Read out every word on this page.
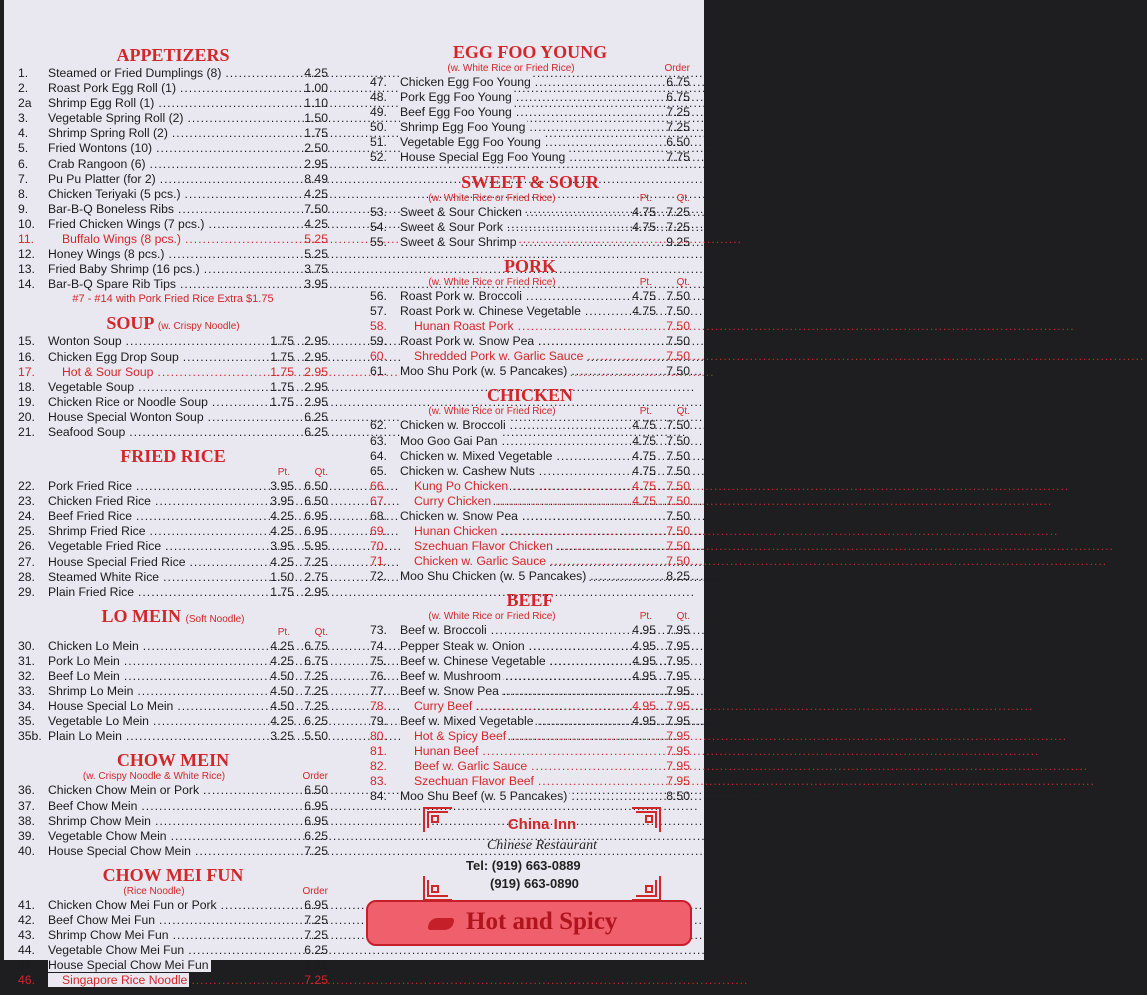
APPETIZERS
1.	Steamed or Fried Dumplings (8) .....	4.25
2.	Roast Pork Egg Roll (1) .....	1.00
2a	Shrimp Egg Roll (1) .....	1.10
3.	Vegetable Spring Roll (2) .....	1.50
4.	Shrimp Spring Roll (2) .....	1.75
5.	Fried Wontons (10) .....	2.50
6.	Crab Rangoon (6) .....	2.95
7.	Pu Pu Platter (for 2) .....	8.49
8.	Chicken Teriyaki (5 pcs.) .....	4.25
9.	Bar-B-Q Boneless Ribs .....	7.50
10.	Fried Chicken Wings (7 pcs.) .....	4.25
11.	Buffalo Wings (8 pcs.) .....	5.25
12.	Honey Wings (8 pcs.) .....	5.25
13.	Fried Baby Shrimp (16 pcs.) .....	3.75
14.	Bar-B-Q Spare Rib Tips .....	3.95
#7 - #14 with Pork Fried Rice Extra $1.75
SOUP (w. Crispy Noodle)
15.	Wonton Soup .....	1.75 2.95
16.	Chicken Egg Drop Soup .....	1.75 2.95
17.	Hot & Sour Soup .....	1.75 2.95
18.	Vegetable Soup .....	1.75 2.95
19.	Chicken Rice or Noodle Soup .....	1.75 2.95
20.	House Special Wonton Soup .....	6.25
21.	Seafood Soup .....	6.25
FRIED RICE
Pt.	Qt.
22.	Pork Fried Rice .....	3.95 6.50
23.	Chicken Fried Rice .....	3.95 6.50
24.	Beef Fried Rice .....	4.25 6.95
25.	Shrimp Fried Rice .....	4.25 6.95
26.	Vegetable Fried Rice .....	3.95 5.95
27.	House Special Fried Rice .....	4.25 7.25
28.	Steamed White Rice .....	1.50 2.75
29.	Plain Fried Rice .....	1.75 2.95
LO MEIN (Soft Noodle)
Pt.	Qt.
30.	Chicken Lo Mein .....	4.25 6.75
31.	Pork Lo Mein .....	4.25 6.75
32.	Beef Lo Mein .....	4.50 7.25
33.	Shrimp Lo Mein .....	4.50 7.25
34.	House Special Lo Mein .....	4.50 7.25
35.	Vegetable Lo Mein .....	4.25 6.25
35b. Plain Lo Mein .....	3.25 5.50
CHOW MEIN
(w. Crispy Noodle & White Rice)	Order
36.	Chicken Chow Mein or Pork .....	6.50
37.	Beef Chow Mein .....	6.95
38.	Shrimp Chow Mein .....	6.95
39.	Vegetable Chow Mein .....	6.25
40.	House Special Chow Mein .....	7.25
CHOW MEI FUN
(Rice Noodle)	Order
41.	Chicken Chow Mei Fun or Pork .....	6.95
42.	Beef Chow Mei Fun .....	7.25
43.	Shrimp Chow Mei Fun .....	7.25
44.	Vegetable Chow Mei Fun .....	6.25
45.	House Special Chow Mei Fun .....	7.25
46.	Singapore Rice Noodle .....	7.25
EGG FOO YOUNG
(w. White Rice or Fried Rice)	Order
47.	Chicken Egg Foo Young .....	6.75
48.	Pork Egg Foo Young .....	6.75
49.	Beef Egg Foo Young .....	7.25
50.	Shrimp Egg Foo Young .....	7.25
51.	Vegetable Egg Foo Young .....	6.50
52.	House Special Egg Foo Young .....	7.75
SWEET & SOUR
(w. White Rice or Fried Rice)	Pt.	Qt.
53.	Sweet & Sour Chicken .....	4.75 7.25
54.	Sweet & Sour Pork .....	4.75 7.25
55.	Sweet & Sour Shrimp .....	9.25
PORK
(w. White Rice or Fried Rice)	Pt.	Qt.
56.	Roast Pork w. Broccoli .....	4.75 7.50
57.	Roast Pork w. Chinese Vegetable .....	4.75 7.50
58.	Hunan Roast Pork .....	7.50
59.	Roast Pork w. Snow Pea .....	7.50
60.	Shredded Pork w. Garlic Sauce .....	7.50
61.	Moo Shu Pork (w. 5 Pancakes) .....	7.50
CHICKEN
(w. White Rice or Fried Rice)	Pt.	Qt.
62.	Chicken w. Broccoli .....	4.75 7.50
63.	Moo Goo Gai Pan .....	4.75 7.50
64.	Chicken w. Mixed Vegetable .....	4.75 7.50
65.	Chicken w. Cashew Nuts .....	4.75 7.50
66.	Kung Po Chicken .....	4.75 7.50
67.	Curry Chicken .....	4.75 7.50
68.	Chicken w. Snow Pea .....	7.50
69.	Hunan Chicken .....	7.50
70.	Szechuan Flavor Chicken .....	7.50
71.	Chicken w. Garlic Sauce .....	7.50
72.	Moo Shu Chicken (w. 5 Pancakes) .....	8.25
BEEF
(w. White Rice or Fried Rice)	Pt.	Qt.
73.	Beef w. Broccoli .....	4.95 7.95
74.	Pepper Steak w. Onion .....	4.95 7.95
75.	Beef w. Chinese Vegetable .....	4.95 7.95
76.	Beef w. Mushroom .....	4.95 7.95
77.	Beef w. Snow Pea .....	7.95
78.	Curry Beef .....	4.95 7.95
79.	Beef w. Mixed Vegetable .....	4.95 7.95
80.	Hot & Spicy Beef .....	7.95
81.	Hunan Beef .....	7.95
82.	Beef w. Garlic Sauce .....	7.95
83.	Szechuan Flavor Beef .....	7.95
84.	Moo Shu Beef (w. 5 Pancakes) .....	8.50
China Inn
Chinese Restaurant
Tel: (919) 663-0889
(919) 663-0890
Hot and Spicy
